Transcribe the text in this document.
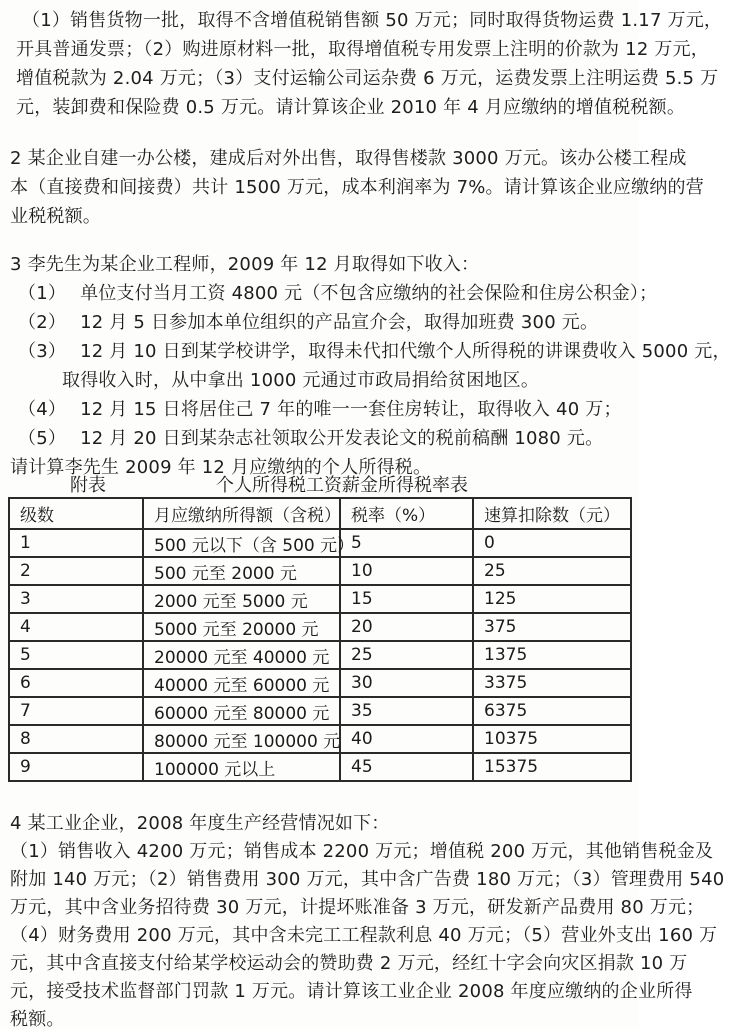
（1）销售货物一批，取得不含增值税销售额 50 万元；同时取得货物运费 1.17 万元，
开具普通发票；（2）购进原材料一批，取得增值税专用发票上注明的价款为 12 万元，
增值税款为 2.04 万元；（3）支付运输公司运杂费 6 万元，运费发票上注明运费 5.5 万
元，装卸费和保险费 0.5 万元。请计算该企业 2010 年 4 月应缴纳的增值税税额。
2 某企业自建一办公楼，建成后对外出售，取得售楼款 3000 万元。该办公楼工程成
本（直接费和间接费）共计 1500 万元，成本利润率为 7%。请计算该企业应缴纳的营
业税税额。
3 李先生为某企业工程师，2009 年 12 月取得如下收入：
（1） 单位支付当月工资 4800 元（不包含应缴纳的社会保险和住房公积金）；
（2） 12 月 5 日参加本单位组织的产品宣介会，取得加班费 300 元。
（3） 12 月 10 日到某学校讲学，取得未代扣代缴个人所得税的讲课费收入 5000 元，
取得收入时，从中拿出 1000 元通过市政局捐给贫困地区。
（4） 12 月 15 日将居住己 7 年的唯一一套住房转让，取得收入 40 万；
（5） 12 月 20 日到某杂志社领取公开发表论文的税前稿酬 1080 元。
请计算李先生 2009 年 12 月应缴纳的个人所得税。
附表	个人所得税工资薪金所得税率表
级数	月应缴纳所得额（含税）	税率（%）	速算扣除数（元）
1	500 元以下（含 500 元）	5	0
2	500 元至 2000 元	10	25
3	2000 元至 5000 元	15	125
4	5000 元至 20000 元	20	375
5	20000 元至 40000 元	25	1375
6	40000 元至 60000 元	30	3375
7	60000 元至 80000 元	35	6375
8	80000 元至 100000 元	40	10375
9	100000 元以上	45	15375
4 某工业企业，2008 年度生产经营情况如下：
（1）销售收入 4200 万元；销售成本 2200 万元；增值税 200 万元，其他销售税金及
附加 140 万元；（2）销售费用 300 万元，其中含广告费 180 万元；（3）管理费用 540
万元，其中含业务招待费 30 万元，计提坏账准备 3 万元，研发新产品费用 80 万元；
（4）财务费用 200 万元，其中含未完工工程款利息 40 万元；（5）营业外支出 160 万
元，其中含直接支付给某学校运动会的赞助费 2 万元，经红十字会向灾区捐款 10 万
元，接受技术监督部门罚款 1 万元。请计算该工业企业 2008 年度应缴纳的企业所得
税额。
